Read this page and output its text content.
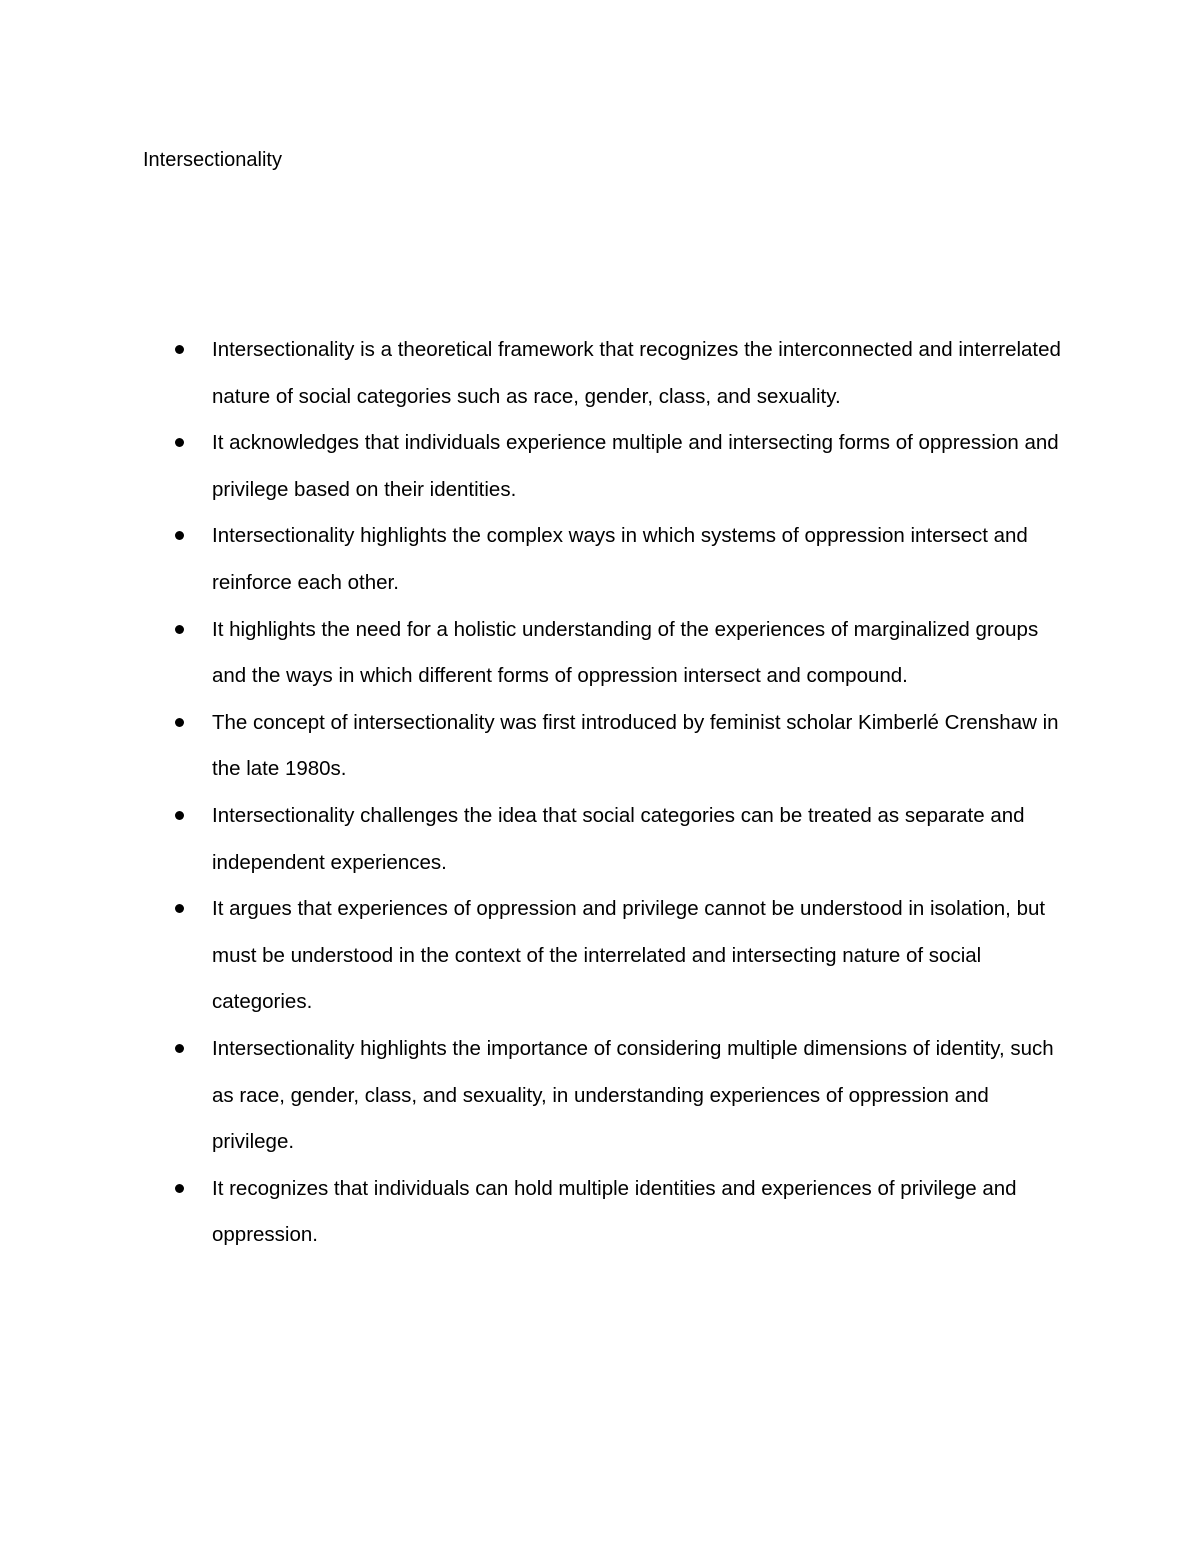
Intersectionality
Intersectionality is a theoretical framework that recognizes the interconnected and interrelated nature of social categories such as race, gender, class, and sexuality.
It acknowledges that individuals experience multiple and intersecting forms of oppression and privilege based on their identities.
Intersectionality highlights the complex ways in which systems of oppression intersect and reinforce each other.
It highlights the need for a holistic understanding of the experiences of marginalized groups and the ways in which different forms of oppression intersect and compound.
The concept of intersectionality was first introduced by feminist scholar Kimberlé Crenshaw in the late 1980s.
Intersectionality challenges the idea that social categories can be treated as separate and independent experiences.
It argues that experiences of oppression and privilege cannot be understood in isolation, but must be understood in the context of the interrelated and intersecting nature of social categories.
Intersectionality highlights the importance of considering multiple dimensions of identity, such as race, gender, class, and sexuality, in understanding experiences of oppression and privilege.
It recognizes that individuals can hold multiple identities and experiences of privilege and oppression.
